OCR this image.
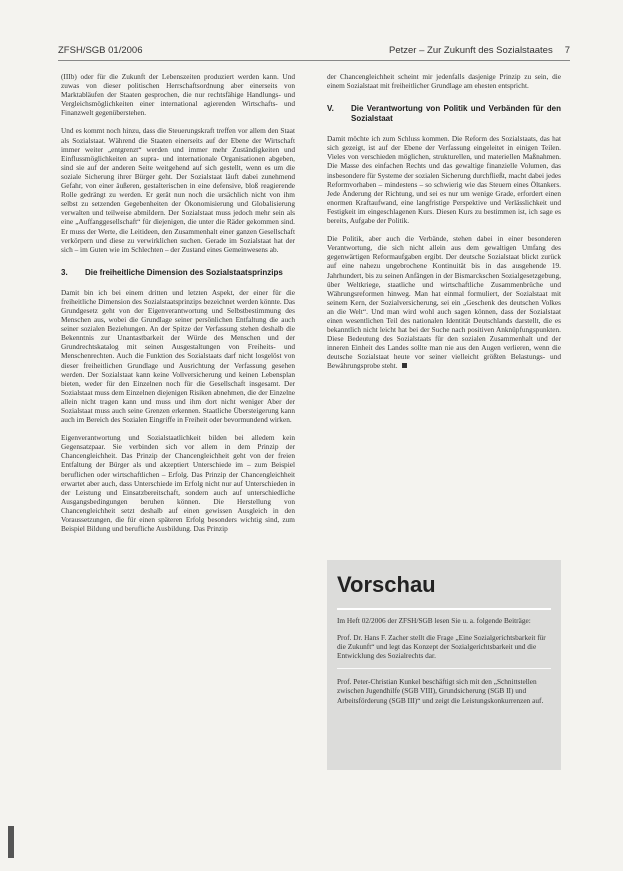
ZFSH/SGB 01/2006	Petzer – Zur Zukunft des Sozialstaates 7

(IIIb) oder für die Zukunft der Lebenszeiten produziert werden kann. Und zuwas von dieser politischen Herrschaftsordnung aber einerseits von Marktabläufen der Staaten gesprochen, die nur rechtsfähige Handlungs- und Vergleichsmöglichkeiten einer international agierenden Wirtschafts- und Finanzwelt gegenüberstehen.

Und es kommt noch hinzu, dass die Steuerungskraft treffen vor allem den Staat als Sozialstaat. Während die Staaten einerseits auf der Ebene der Wirtschaft immer weiter „entgrenzt“ werden und immer mehr Zuständigkeiten und Einflussmöglichkeiten an supra- und internationale Organisationen abgeben, sind sie auf der anderen Seite weitgehend auf sich gestellt, wenn es um die soziale Sicherung ihrer Bürger geht. Der Sozialstaat läuft dabei zunehmend Gefahr, von einer äußeren, gestalterischen in eine defensive, bloß reagierende Rolle gedrängt zu werden. Er gerät nun noch die ursächlich nicht von ihm selbst zu setzenden Gegebenheiten der Ökonomisierung und Globalisierung verwalten und teilweise abmildern. Der Sozialstaat muss jedoch mehr sein als eine „Auffanggesellschaft“ für diejenigen, die unter die Räder gekommen sind. Er muss der Werte, die Leitideen, den Zusammenhalt einer ganzen Gesellschaft verkörpern und diese zu verwirklichen suchen. Gerade im Sozialstaat hat der sich – im Guten wie im Schlechten – der Zustand eines Gemeinwesens ab.

3.	Die freiheitliche Dimension des Sozialstaatsprinzips

Damit bin ich bei einem dritten und letzten Aspekt, der einer für die freiheitliche Dimension des Sozialstaatsprinzips bezeichnet werden könnte. Das Grundgesetz geht von der Eigenverantwortung und Selbstbestimmung des Menschen aus, wobei die Grundlage seiner persönlichen Entfaltung die auch seiner sozialen Beziehungen. An der Spitze der Verfassung stehen deshalb die Bekenntnis zur Unantastbarkeit der Würde des Menschen und der Grundrechtskatalog mit seinen Ausgestaltungen von Freiheits- und Menschenrechten. Auch die Funktion des Sozialstaats darf nicht losgelöst von dieser freiheitlichen Grundlage und Ausrichtung der Verfassung gesehen werden. Der Sozialstaat kann keine Vollversicherung und keinen Lebensplan bieten, weder für den Einzelnen noch für die Gesellschaft insgesamt. Der Sozialstaat muss dem Einzelnen diejenigen Risiken abnehmen, die der Einzelne allein nicht tragen kann und muss und ihm dort nicht weniger Aber der Sozialstaat muss auch seine Grenzen erkennen. Staatliche Übersteigerung kann auch im Bereich des Sozialen Eingriffe in Freiheit oder bevormundend wirken.

Eigenverantwortung und Sozialstaatlichkeit bilden bei alledem kein Gegensatzpaar. Sie verbinden sich vor allem in dem Prinzip der Chancengleichheit. Das Prinzip der Chancengleichheit geht von der freien Entfaltung der Bürger als und akzeptiert Unterschiede im – zum Beispiel beruflichen oder wirtschaftlichen – Erfolg. Das Prinzip der Chancengleichheit erwartet aber auch, dass Unterschiede im Erfolg nicht nur auf Unterschieden in der Leistung und Einsatzbereitschaft, sondern auch auf unterschiedliche Ausgangsbedingungen beruhen können. Die Herstellung von Chancengleichheit setzt deshalb auf einen gewissen Ausgleich in den Voraussetzungen, die für einen späteren Erfolg besonders wichtig sind, zum Beispiel Bildung und berufliche Ausbildung. Das Prinzip

der Chancengleichheit scheint mir jedenfalls dasjenige Prinzip zu sein, die einem Sozialstaat mit freiheitlicher Grundlage am ehesten entspricht.

V.	Die Verantwortung von Politik und Verbänden für den Sozialstaat

Damit möchte ich zum Schluss kommen. Die Reform des Sozialstaats, das hat sich gezeigt, ist auf der Ebene der Verfassung eingeleitet in einigen Teilen. Vieles von verschieden möglichen, strukturellen, und materiellen Maßnahmen. Die Masse des einfachen Rechts und das gewaltige finanzielle Volumen, das insbesondere für Systeme der sozialen Sicherung durchfließt, macht dabei jedes Reformvorhaben – mindestens – so schwierig wie das Steuern eines Öltankers. Jede Änderung der Richtung, und sei es nur um wenige Grade, erfordert einen enormen Kraftaufwand, eine langfristige Perspektive und Verlässlichkeit und Festigkeit im eingeschlagenen Kurs. Diesen Kurs zu bestimmen ist, ich sage es bereits, Aufgabe der Politik.

Die Politik, aber auch die Verbände, stehen dabei in einer besonderen Verantwortung, die sich nicht allein aus dem gewaltigen Umfang des gegenwärtigen Reformaufgaben ergibt. Der deutsche Sozialstaat blickt zurück auf eine nahezu ungebrochene Kontinuität bis in das ausgehende 19. Jahrhundert, bis zu seinen Anfängen in der Bismarckschen Sozialgesetzgebung, über Weltkriege, staatliche und wirtschaftliche Zusammenbrüche und Währungsreformen hinweg. Man hat einmal formuliert, der Sozialstaat mit seinem Kern, der Sozialversicherung, sei ein „Geschenk des deutschen Volkes an die Welt“. Und man wird wohl auch sagen können, dass der Sozialstaat einen wesentlichen Teil des nationalen Identität Deutschlands darstellt, die es bekanntlich nicht leicht hat bei der Suche nach positiven Anknüpfungspunkten. Diese Bedeutung des Sozialstaats für den sozialen Zusammenhalt und der inneren Einheit des Landes sollte man nie aus den Augen verlieren, wenn die deutsche Sozialstaat heute vor seiner vielleicht größten Belastungs- und Bewährungsprobe steht.

Vorschau

Im Heft 02/2006 der ZFSH/SGB lesen Sie u. a. folgende Beiträge:

Prof. Dr. Hans F. Zacher stellt die Frage „Eine Sozialgerichtsbarkeit für die Zukunft“ und legt das Konzept der Sozialgerichtsbarkeit und die Entwicklung des Sozialrechts dar.

Prof. Peter-Christian Kunkel beschäftigt sich mit den „Schnittstellen zwischen Jugendhilfe (SGB VIII), Grundsicherung (SGB II) und Arbeitsförderung (SGB III)“ und zeigt die Leistungskonkurrenzen auf.
